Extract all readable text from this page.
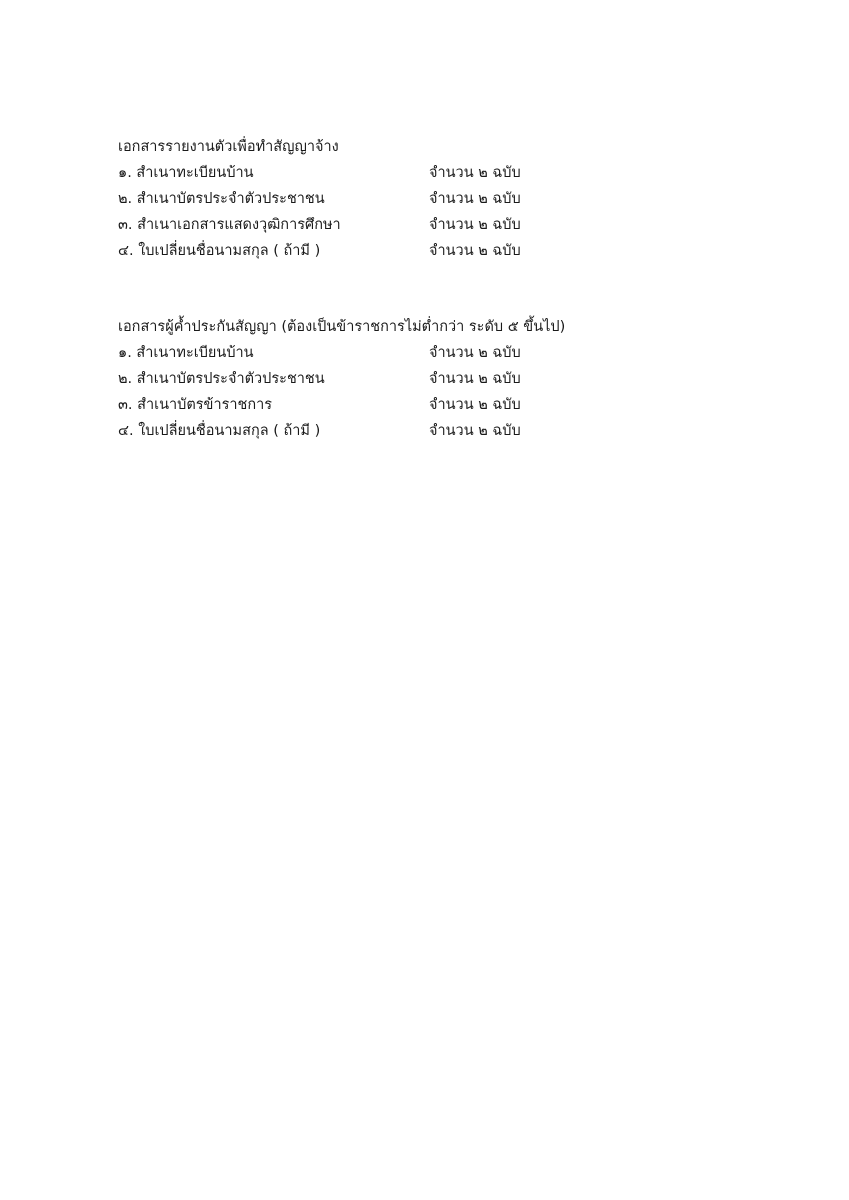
เอกสารรายงานตัวเพื่อทำสัญญาจ้าง
๑. สำเนาทะเบียนบ้าน	จำนวน ๒ ฉบับ
๒. สำเนาบัตรประจำตัวประชาชน	จำนวน ๒ ฉบับ
๓. สำเนาเอกสารแสดงวุฒิการศึกษา	จำนวน ๒ ฉบับ
๔. ใบเปลี่ยนชื่อนามสกุล ( ถ้ามี )	จำนวน ๒ ฉบับ
เอกสารผู้ค้ำประกันสัญญา (ต้องเป็นข้าราชการไม่ต่ำกว่า ระดับ ๕ ขึ้นไป)
๑. สำเนาทะเบียนบ้าน	จำนวน ๒ ฉบับ
๒. สำเนาบัตรประจำตัวประชาชน	จำนวน ๒ ฉบับ
๓. สำเนาบัตรข้าราชการ	จำนวน ๒ ฉบับ
๔. ใบเปลี่ยนชื่อนามสกุล ( ถ้ามี )	จำนวน ๒ ฉบับ
